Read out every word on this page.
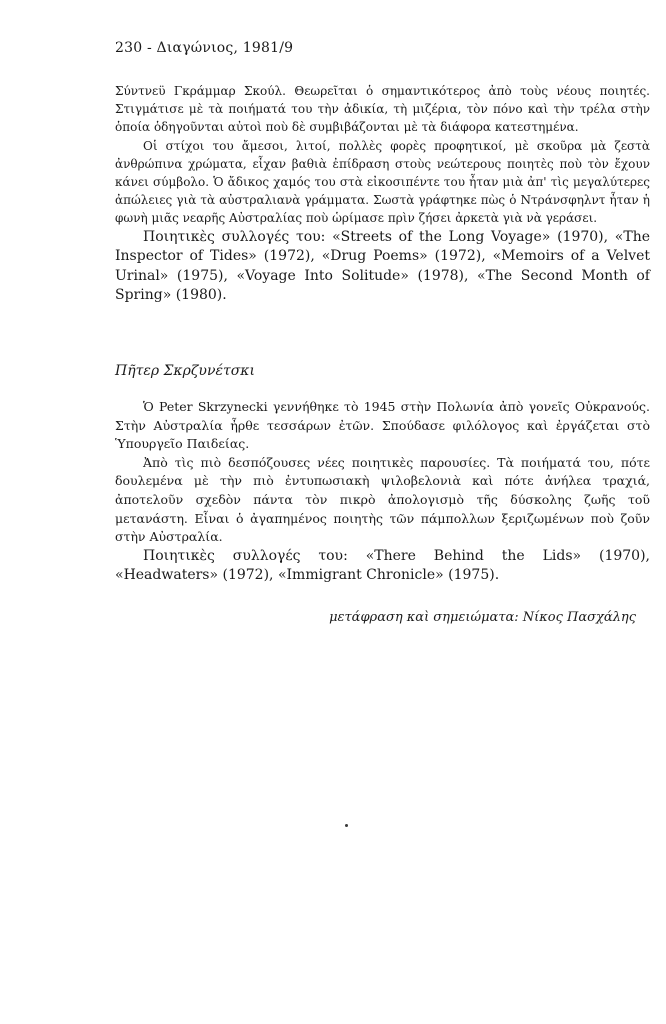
230 - Διαγώνιος, 1981/9

Σύντνεϋ Γκράμμαρ Σκούλ. Θεωρεῖται ὁ σημαντικότερος ἀπὸ τοὺς νέους ποιητές. Στιγμάτισε μὲ τὰ ποιήματά του τὴν ἀδικία, τὴ μιζέρια, τὸν πόνο καὶ τὴν τρέλα στὴν ὁποία ὁδηγοῦνται αὐτοὶ ποὺ δὲ συμβιβάζονται μὲ τὰ διάφορα κατεστημένα.

Οἱ στίχοι του ἄμεσοι, λιτοί, πολλὲς φορὲς προφητικοί, μὲ σκοῦρα μὰ ζεστὰ ἀνθρώπινα χρώματα, εἶχαν βαθιὰ ἐπίδραση στοὺς νεώτερους ποιητὲς ποὺ τὸν ἔχουν κάνει σύμβολο. Ὁ ἄδικος χαμός του στὰ εἰκοσιπέντε του ἦταν μιὰ ἀπ' τὶς μεγαλύτερες ἀπώλειες γιὰ τὰ αὐστραλιανὰ γράμματα. Σωστὰ γράφτηκε πὼς ὁ Ντράνσφηλντ ἦταν ἡ φωνὴ μιᾶς νεαρῆς Αὐστραλίας ποὺ ὡρίμασε πρὶν ζήσει ἀρκετὰ γιὰ νὰ γεράσει.

Ποιητικὲς συλλογές του: «Streets of the Long Voyage» (1970), «The Inspector of Tides» (1972), «Drug Poems» (1972), «Memoirs of a Velvet Urinal» (1975), «Voyage Into Solitude» (1978), «The Second Month of Spring» (1980).

Πῆτερ Σκρζυνέτσκι

Ὁ Peter Skrzynecki γεννήθηκε τὸ 1945 στὴν Πολωνία ἀπὸ γονεῖς Οὐκρανούς. Στὴν Αὐστραλία ἦρθε τεσσάρων ἐτῶν. Σπούδασε φιλόλογος καὶ ἐργάζεται στὸ Ὑπουργεῖο Παιδείας.

Ἀπὸ τὶς πιὸ δεσπόζουσες νέες ποιητικὲς παρουσίες. Τὰ ποιήματά του, πότε δουλεμένα μὲ τὴν πιὸ ἐντυπωσιακὴ ψιλοβελονιὰ καὶ πότε ἀνήλεα τραχιά, ἀποτελοῦν σχεδὸν πάντα τὸν πικρὸ ἀπολογισμὸ τῆς δύσκολης ζωῆς τοῦ μετανάστη. Εἶναι ὁ ἀγαπημένος ποιητὴς τῶν πάμπολλων ξεριζωμένων ποὺ ζοῦν στὴν Αὐστραλία.

Ποιητικὲς συλλογές του: «There Behind the Lids» (1970), «Headwaters» (1972), «Immigrant Chronicle» (1975).

μετάφραση καὶ σημειώματα: Νίκος Πασχάλης
